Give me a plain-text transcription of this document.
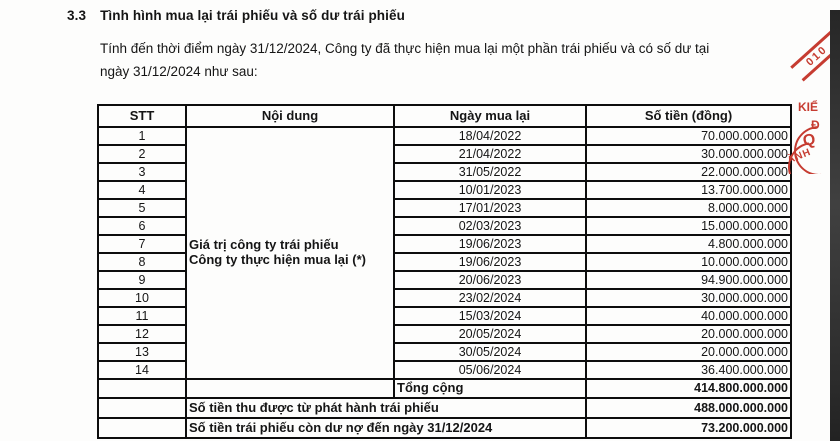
3.3 Tình hình mua lại trái phiếu và số dư trái phiếu
Tính đến thời điểm ngày 31/12/2024, Công ty đã thực hiện mua lại một phần trái phiếu và có số dư tại
ngày 31/12/2024 như sau:
STT	Nội dung	Ngày mua lại	Số tiền (đồng)
1	Giá trị công ty trái phiếu
Công ty thực hiện mua lại (*)	18/04/2022	70.000.000.000
2		21/04/2022	30.000.000.000
3		31/05/2022	22.000.000.000
4		10/01/2023	13.700.000.000
5		17/01/2023	8.000.000.000
6		02/03/2023	15.000.000.000
7		19/06/2023	4.800.000.000
8		19/06/2023	10.000.000.000
9		20/06/2023	94.900.000.000
10		23/02/2024	30.000.000.000
11		15/03/2024	40.000.000.000
12		20/05/2024	20.000.000.000
13		30/05/2024	20.000.000.000
14		05/06/2024	36.400.000.000
		Tổng cộng	414.800.000.000
	Số tiền thu được từ phát hành trái phiếu		488.000.000.000
	Số tiền trái phiếu còn dư nợ đến ngày 31/12/2024		73.200.000.000
010
KIỂ
Đ
Q
ÀNH
